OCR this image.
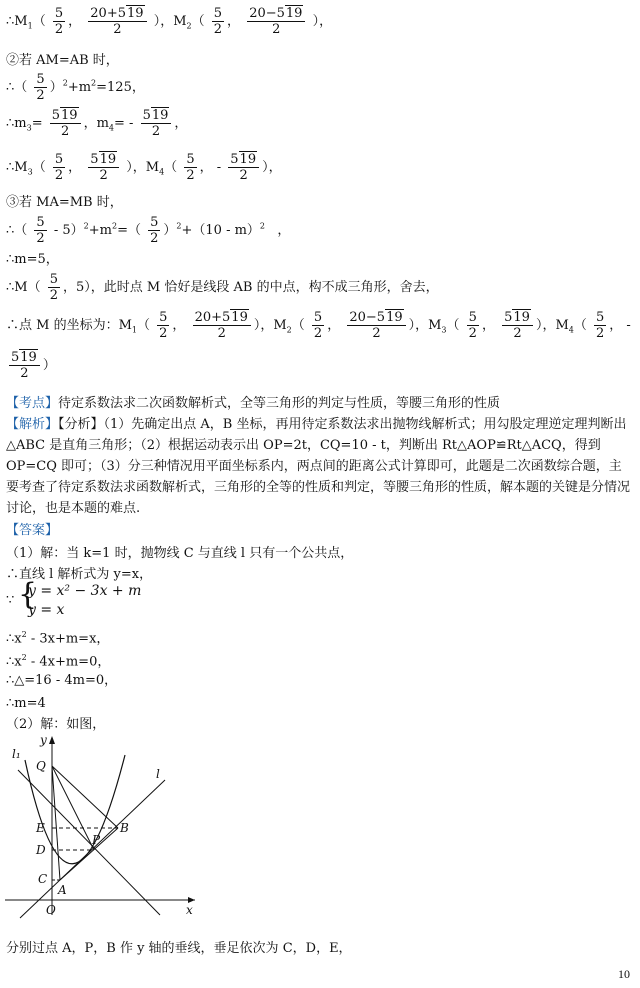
$\therefore M_1( \frac{5}{2}$ ， $\frac{20+519}{2}$ ），$M_2( \frac{5}{2}$ ， $\frac{20-519}{2}$ ），
②若 AM=AB 时，
∴（ $\frac{5}{2} )^2+m^2=125$，
$\therefore m_3= \frac{519}{2}$ ，$m_4= - \frac{519}{2}$ ，
$\therefore M_3( \frac{5}{2}$ ， $\frac{519}{2}$ ），$M_4( \frac{5}{2}$ ， - $\frac{519}{2}$ ），
③若 MA=MB 时，
∴（ $\frac{5}{2} - 5)^2+m^2=( \frac{5}{2} )^2+(10 - m)^2$ ，
∴m=5，
∴M（ $\frac{5}{2}$ ，5），此时点 M 恰好是线段 AB 的中点，构不成三角形，舍去，
∴点 M 的坐标为：$M_1( \frac{5}{2}$ ， $\frac{20+519}{2}$ ），$M_2( \frac{5}{2}$ ， $\frac{20-519}{2}$ ），$M_3( \frac{5}{2}$ ， $\frac{519}{2}$ ），$M_4( \frac{5}{2}$ ， -
$\frac{519}{2}$ ）
【考点】待定系数法求二次函数解析式，全等三角形的判定与性质，等腰三角形的性质
【解析】【分析】（1）先确定出点 A，B 坐标，再用待定系数法求出抛物线解析式；用勾股定理逆定理判断出△ABC 是直角三角形；（2）根据运动表示出 OP=2t，CQ=10 - t，判断出 Rt△AOP≌Rt△ACQ，得到 OP=CQ 即可；（3）分三种情况用平面坐标系内，两点间的距离公式计算即可，此题是二次函数综合题，主要考查了待定系数法求函数解析式，三角形的全等的性质和判定，等腰三角形的性质，解本题的关键是分情况讨论，也是本题的难点.
【答案】
（1）解：当 k=1 时，抛物线 C 与直线 l 只有一个公共点，
∴直线 l 解析式为 y=x，
∵ {
y = x² − 3x + m
y = x
$\therefore x^2 - 3x+m=x$，
$\therefore x^2 - 4x+m=0$，
∴△=16 - 4m=0，
∴m=4
（2）解：如图，
y
x
O
l₁
l
Q
E
D
C
A
P
B
分别过点 A，P，B 作 y 轴的垂线，垂足依次为 C，D，E，
10
